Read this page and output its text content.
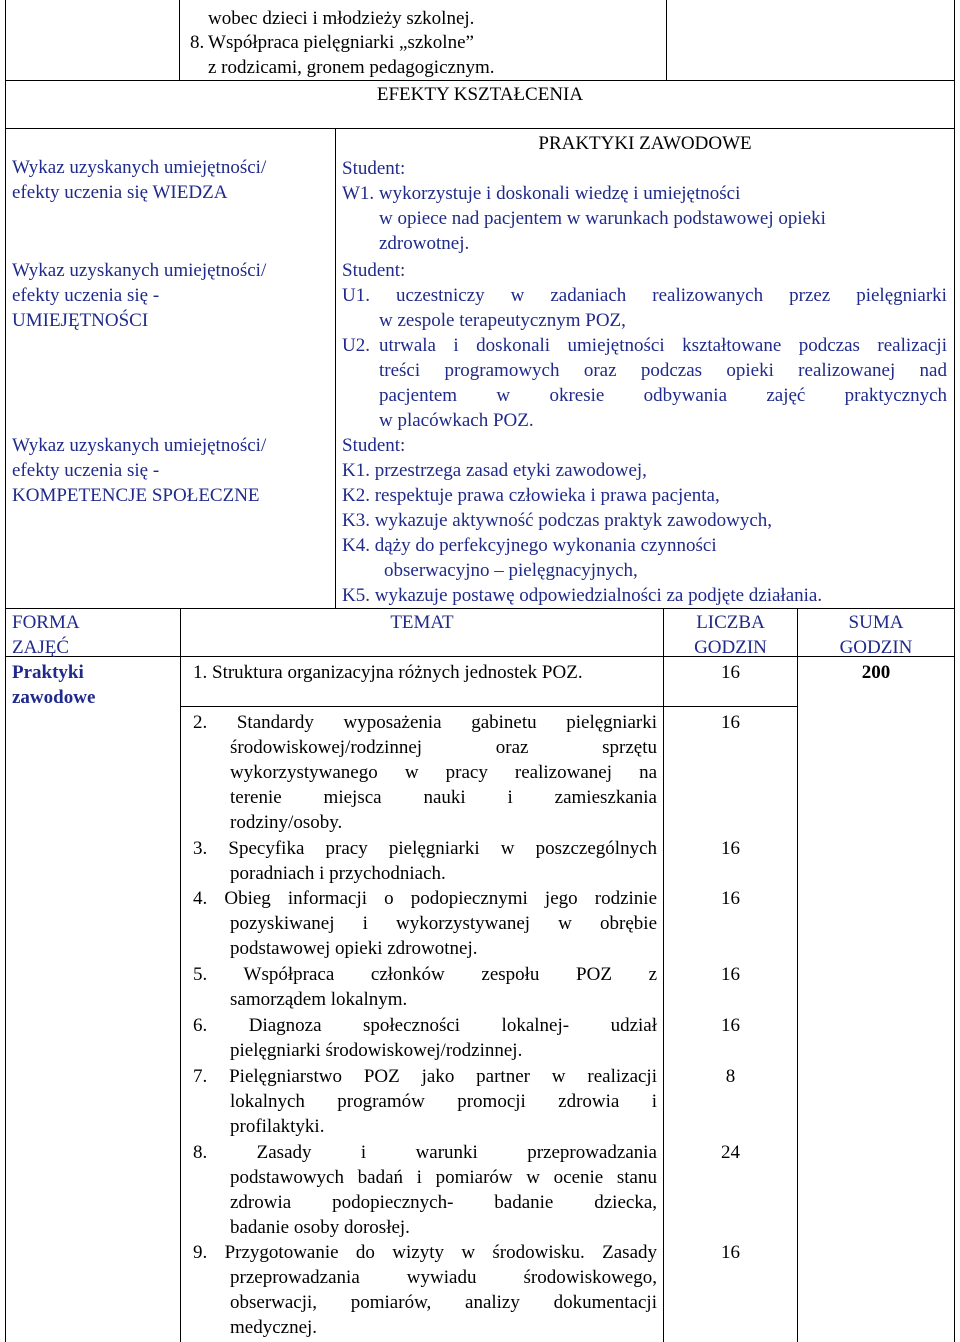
wobec dzieci i młodzieży szkolnej.
8. Współpraca pielęgniarki „szkolne”
z rodzicami, gronem pedagogicznym.
EFEKTY KSZTAŁCENIA
Wykaz uzyskanych umiejętności/
efekty uczenia się WIEDZA
Wykaz uzyskanych umiejętności/
efekty uczenia się -
UMIEJĘTNOŚCI
Wykaz uzyskanych umiejętności/
efekty uczenia się -
KOMPETENCJE SPOŁECZNE
PRAKTYKI ZAWODOWE
Student:
W1. wykorzystuje i doskonali wiedzę i umiejętności
w opiece nad pacjentem w warunkach podstawowej opieki
zdrowotnej.
Student:
U1. uczestniczy w zadaniach realizowanych przez pielęgniarki
w zespole terapeutycznym POZ,
U2. utrwala i doskonali umiejętności kształtowane podczas realizacji
treści programowych oraz podczas opieki realizowanej nad
pacjentem w okresie odbywania zajęć praktycznych
w placówkach POZ.
Student:
K1. przestrzega zasad etyki zawodowej,
K2. respektuje prawa człowieka i prawa pacjenta,
K3. wykazuje aktywność podczas praktyk zawodowych,
K4. dąży do perfekcyjnego wykonania czynności
obserwacyjno – pielęgnacyjnych,
K5. wykazuje postawę odpowiedzialności za podjęte działania.
FORMA
ZAJĘĆ
Praktyki
zawodowe
TEMAT	LICZBA
GODZIN
SUMA
GODZIN
200
1. Struktura organizacyjna różnych jednostek POZ.	16
2. Standardy wyposażenia gabinetu pielęgniarki
środowiskowej/rodzinnej oraz sprzętu
wykorzystywanego w pracy realizowanej na
terenie miejsca nauki i zamieszkania
rodziny/osoby.
16
3. Specyfika pracy pielęgniarki w poszczególnych
poradniach i przychodniach.
16
4. Obieg informacji o podopiecznymi jego rodzinie
pozyskiwanej i wykorzystywanej w obrębie
podstawowej opieki zdrowotnej.
16
5. Współpraca członków zespołu POZ z
samorządem lokalnym.
16
6. Diagnoza społeczności lokalnej- udział
pielęgniarki środowiskowej/rodzinnej.
16
7. Pielęgniarstwo POZ jako partner w realizacji
lokalnych programów promocji zdrowia i
profilaktyki.
8
8. Zasady i warunki przeprowadzania
podstawowych badań i pomiarów w ocenie stanu
zdrowia podopiecznych- badanie dziecka,
badanie osoby dorosłej.
24
9. Przygotowanie do wizyty w środowisku. Zasady
przeprowadzania wywiadu środowiskowego,
obserwacji, pomiarów, analizy dokumentacji
medycznej.
16
